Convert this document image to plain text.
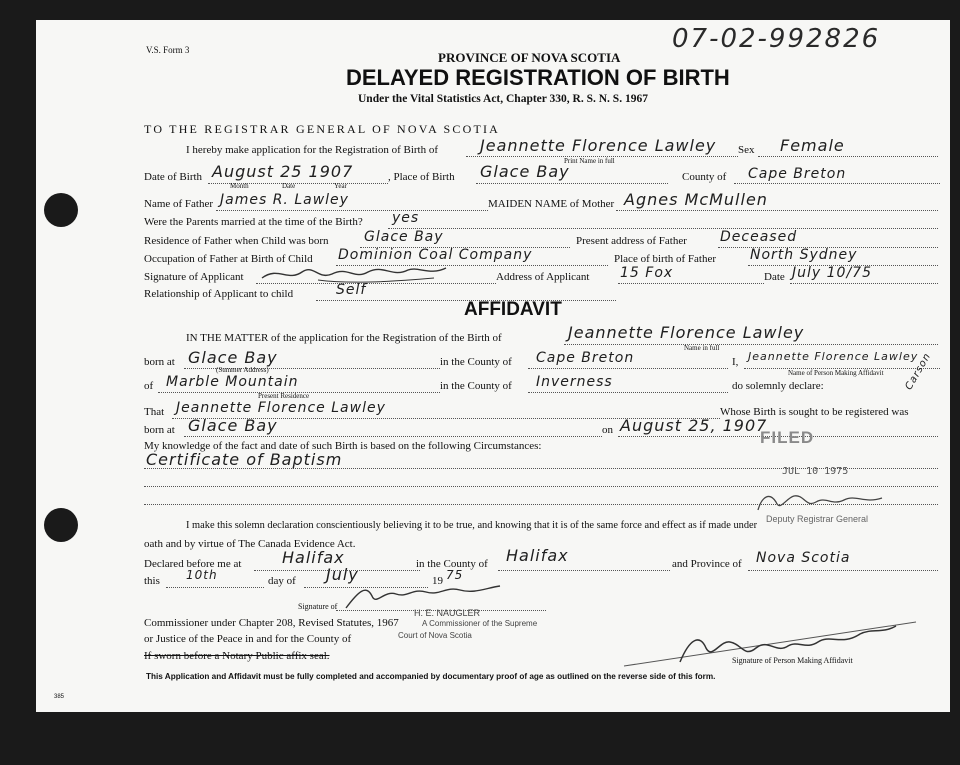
V.S. Form 3	07-02-992826
PROVINCE OF NOVA SCOTIA
DELAYED REGISTRATION OF BIRTH
Under the Vital Statistics Act, Chapter 330, R. S. N. S. 1967
TO THE REGISTRAR GENERAL OF NOVA SCOTIA
I hereby make application for the Registration of Birth of	Jeannette Florence Lawley
Print Name in full
Sex Female
Date of Birth August 25 1907
Month	Date	Year
, Place of Birth Glace Bay	County of Cape Breton
Name of Father James R. Lawley	MAIDEN NAME of Mother Agnes McMullen
Were the Parents married at the time of the Birth? yes
Residence of Father when Child was born	Glace Bay	Present address of Father Deceased
Occupation of Father at Birth of Child Dominion Coal Company	Place of birth of Father North Sydney
Signature of Applicant	Address of Applicant 15 Fox	Date July 10/75
Relationship of Applicant to child	Self
AFFIDAVIT
IN THE MATTER of the application for the Registration of the Birth of	Jeannette Florence Lawley
Name in full
born at Glace Bay
(Summer Address)
in the County of Cape Breton	I, Jeannette Florence Lawley
Carson
Name of Person Making Affidavit
of Marble Mountain
Present Residence
in the County of Inverness	do solemnly declare:
That Jeannette Florence Lawley	Whose Birth is sought to be registered was
born at Glace Bay	on August 25, 1907
My knowledge of the fact and date of such Birth is based on the following Circumstances:	FILED
Certificate of Baptism
JUL 10 1975
Deputy Registrar General
I make this solemn declaration conscientiously believing it to be true, and knowing that it is of the same force and effect as if made under
oath and by virtue of The Canada Evidence Act.
Declared before me at	Halifax	in the County of Halifax	and Province of Nova Scotia
this 10th	day of July	19 75
Signature of
H. E. NAUGLER
Commissioner under Chapter 208, Revised Statutes, 1967	A Commissioner of the Supreme
or Justice of the Peace in and for the County of	Court of Nova Scotia
If sworn before a Notary Public affix seal.	Signature of Person Making Affidavit
This Application and Affidavit must be fully completed and accompanied by documentary proof of age as outlined on the reverse side of this form.
385
